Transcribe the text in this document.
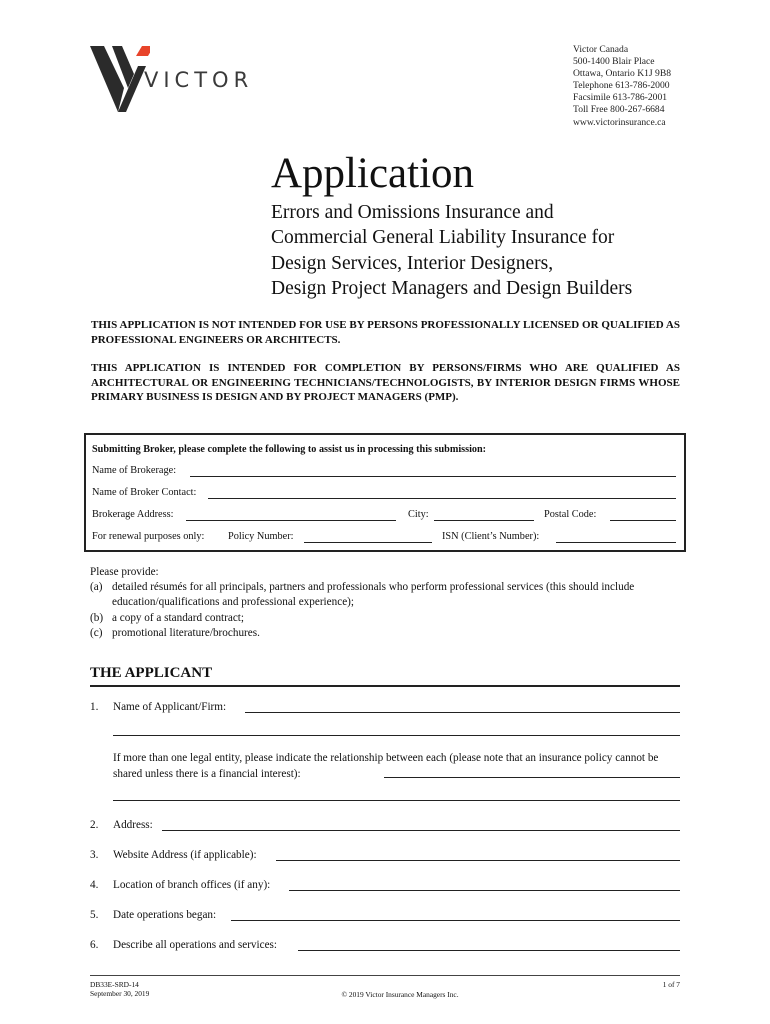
VICTOR
Victor Canada
500-1400 Blair Place
Ottawa, Ontario K1J 9B8
Telephone 613-786-2000
Facsimile 613-786-2001
Toll Free 800-267-6684
www.victorinsurance.ca
Application
Errors and Omissions Insurance and
Commercial General Liability Insurance for
Design Services, Interior Designers,
Design Project Managers and Design Builders
THIS APPLICATION IS NOT INTENDED FOR USE BY PERSONS PROFESSIONALLY LICENSED OR QUALIFIED AS PROFESSIONAL ENGINEERS OR ARCHITECTS.
THIS APPLICATION IS INTENDED FOR COMPLETION BY PERSONS/FIRMS WHO ARE QUALIFIED AS ARCHITECTURAL OR ENGINEERING TECHNICIANS/TECHNOLOGISTS, BY INTERIOR DESIGN FIRMS WHOSE PRIMARY BUSINESS IS DESIGN AND BY PROJECT MANAGERS (PMP).
Submitting Broker, please complete the following to assist us in processing this submission:
Name of Brokerage:
Name of Broker Contact:
Brokerage Address:	City:	Postal Code:
For renewal purposes only: Policy Number:	ISN (Client’s Number):
Please provide:
(a) detailed résumés for all principals, partners and professionals who perform professional services (this should include education/qualifications and professional experience);
(b) a copy of a standard contract;
(c) promotional literature/brochures.
THE APPLICANT
1. Name of Applicant/Firm:
If more than one legal entity, please indicate the relationship between each (please note that an insurance policy cannot be shared unless there is a financial interest):
2. Address:
3. Website Address (if applicable):
4. Location of branch offices (if any):
5. Date operations began:
6. Describe all operations and services:
DB33E-SRD-14
September 30, 2019	© 2019 Victor Insurance Managers Inc.
1 of 7
